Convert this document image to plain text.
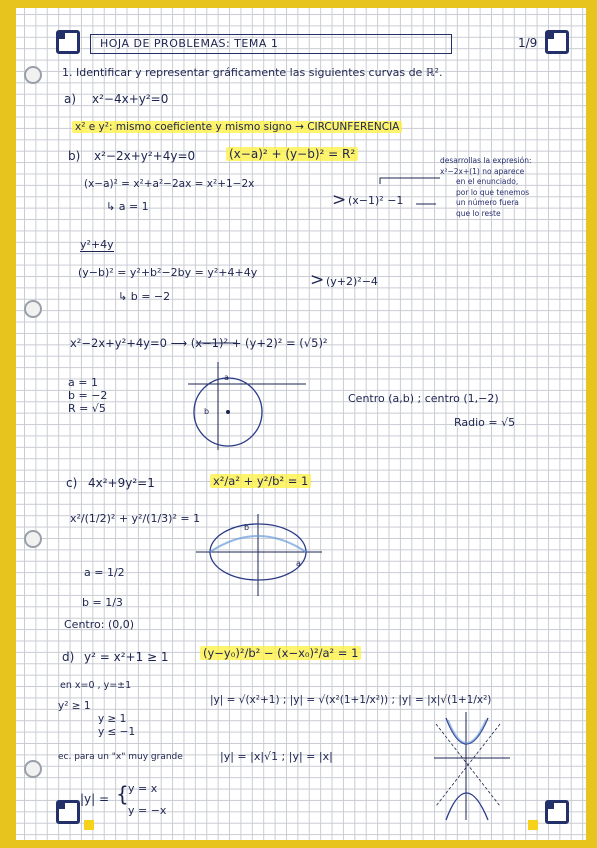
HOJA DE PROBLEMAS: TEMA 1	1/9
1. Identificar y representar gráficamente las siguientes curvas de ℝ².
a) x²−4x+y²=0
x² e y²: mismo coeficiente y mismo signo → CIRCUNFERENCIA
b) x²−2x+y²+4y=0	(x−a)² + (y−b)² = R²
(x−a)² = x²+a²−2ax = x²+1−2x
↳ a = 1	> (x−1)² −1
desarrollas la expresión:
x²−2x+(1) no aparece
en el enunciado,
por lo que tenemos
un número fuera
que lo reste
y²+4y
(y−b)² = y²+b²−2by = y²+4+4y
↳ b = −2
> (y+2)²−4
x²−2x+y²+4y=0 ⟶ (x−1)² + (y+2)² = (√5)²
a = 1
b = −2
R = √5
Centro (a,b) ; centro (1,−2)
Radio = √5
c) 4x²+9y²=1	x²/a² + y²/b² = 1
x²/(1/2)² + y²/(1/3)² = 1
a = 1/2
b = 1/3
Centro: (0,0)
d) y² = x²+1 ≥ 1	(y−y₀)²/b² − (x−x₀)²/a² = 1
en x=0 , y=±1
y² ≥ 1
y ≥ 1
y ≤ −1
|y| = √(x²+1) ; |y| = √(x²(1+1/x²)) ; |y| = |x|√(1+1/x²)
ec. para un "x" muy grande	|y| = |x|√1 ; |y| = |x|
|y| = { y = x
y = −x
a
b
b
a
